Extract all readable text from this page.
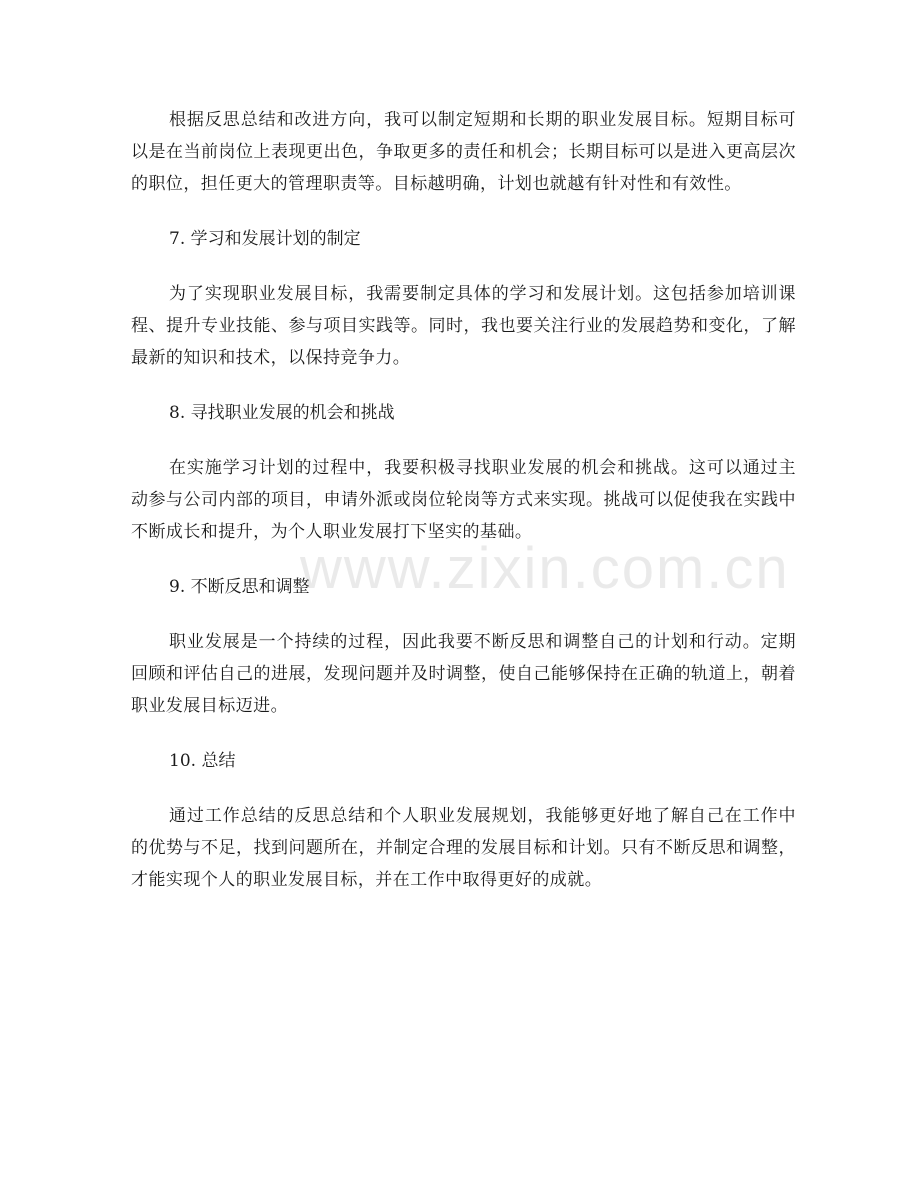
根据反思总结和改进方向，我可以制定短期和长期的职业发展目标。短期目标可以是在当前岗位上表现更出色，争取更多的责任和机会；长期目标可以是进入更高层次的职位，担任更大的管理职责等。目标越明确，计划也就越有针对性和有效性。

7. 学习和发展计划的制定

为了实现职业发展目标，我需要制定具体的学习和发展计划。这包括参加培训课程、提升专业技能、参与项目实践等。同时，我也要关注行业的发展趋势和变化，了解最新的知识和技术，以保持竞争力。

8. 寻找职业发展的机会和挑战

在实施学习计划的过程中，我要积极寻找职业发展的机会和挑战。这可以通过主动参与公司内部的项目，申请外派或岗位轮岗等方式来实现。挑战可以促使我在实践中不断成长和提升，为个人职业发展打下坚实的基础。

9. 不断反思和调整

职业发展是一个持续的过程，因此我要不断反思和调整自己的计划和行动。定期回顾和评估自己的进展，发现问题并及时调整，使自己能够保持在正确的轨道上，朝着职业发展目标迈进。

10. 总结

通过工作总结的反思总结和个人职业发展规划，我能够更好地了解自己在工作中的优势与不足，找到问题所在，并制定合理的发展目标和计划。只有不断反思和调整，才能实现个人的职业发展目标，并在工作中取得更好的成就。

www.zixin.com.cn
